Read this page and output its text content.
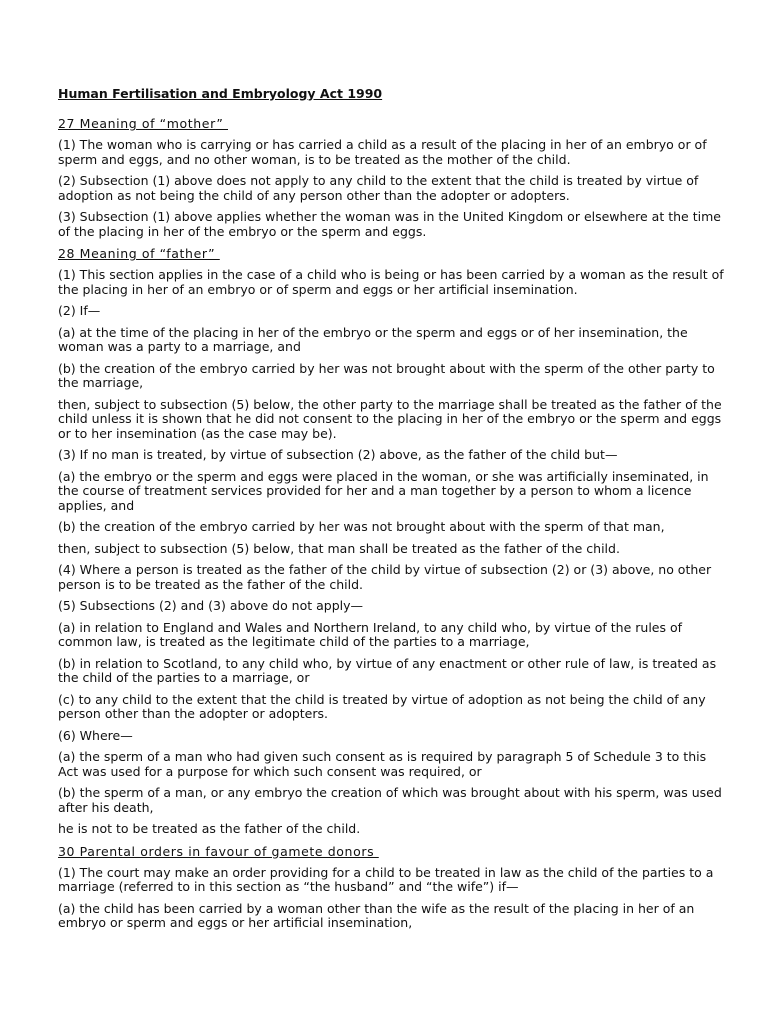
Human Fertilisation and Embryology Act 1990
27 Meaning of “mother”

(1) The woman who is carrying or has carried a child as a result of the placing in her of an embryo or of sperm and eggs, and no other woman, is to be treated as the mother of the child.

(2) Subsection (1) above does not apply to any child to the extent that the child is treated by virtue of adoption as not being the child of any person other than the adopter or adopters.

(3) Subsection (1) above applies whether the woman was in the United Kingdom or elsewhere at the time of the placing in her of the embryo or the sperm and eggs.

28 Meaning of “father”

(1) This section applies in the case of a child who is being or has been carried by a woman as the result of the placing in her of an embryo or of sperm and eggs or her artificial insemination.

(2) If—

(a) at the time of the placing in her of the embryo or the sperm and eggs or of her insemination, the woman was a party to a marriage, and

(b) the creation of the embryo carried by her was not brought about with the sperm of the other party to the marriage,

then, subject to subsection (5) below, the other party to the marriage shall be treated as the father of the child unless it is shown that he did not consent to the placing in her of the embryo or the sperm and eggs or to her insemination (as the case may be).

(3) If no man is treated, by virtue of subsection (2) above, as the father of the child but—

(a) the embryo or the sperm and eggs were placed in the woman, or she was artificially inseminated, in the course of treatment services provided for her and a man together by a person to whom a licence applies, and

(b) the creation of the embryo carried by her was not brought about with the sperm of that man,

then, subject to subsection (5) below, that man shall be treated as the father of the child.

(4) Where a person is treated as the father of the child by virtue of subsection (2) or (3) above, no other person is to be treated as the father of the child.

(5) Subsections (2) and (3) above do not apply—

(a) in relation to England and Wales and Northern Ireland, to any child who, by virtue of the rules of common law, is treated as the legitimate child of the parties to a marriage,

(b) in relation to Scotland, to any child who, by virtue of any enactment or other rule of law, is treated as the child of the parties to a marriage, or

(c) to any child to the extent that the child is treated by virtue of adoption as not being the child of any person other than the adopter or adopters.

(6) Where—

(a) the sperm of a man who had given such consent as is required by paragraph 5 of Schedule 3 to this Act was used for a purpose for which such consent was required, or

(b) the sperm of a man, or any embryo the creation of which was brought about with his sperm, was used after his death,

he is not to be treated as the father of the child.

30 Parental orders in favour of gamete donors

(1) The court may make an order providing for a child to be treated in law as the child of the parties to a marriage (referred to in this section as “the husband” and “the wife”) if—

(a) the child has been carried by a woman other than the wife as the result of the placing in her of an embryo or sperm and eggs or her artificial insemination,
